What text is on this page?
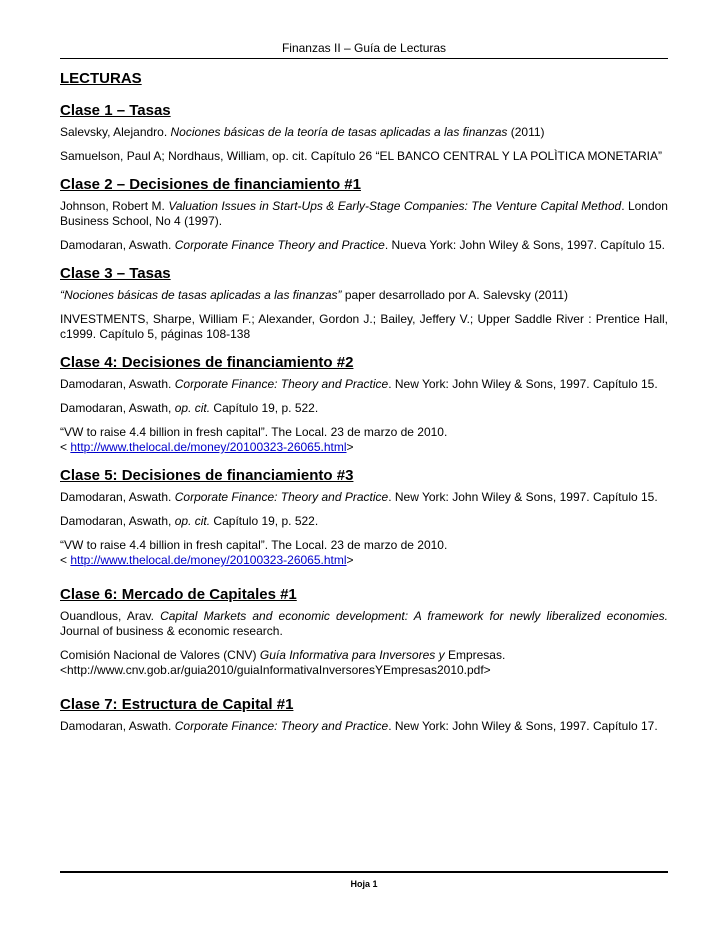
Finanzas II – Guía de Lecturas
LECTURAS
Clase 1 – Tasas

Salevsky, Alejandro. Nociones básicas de la teoría de tasas aplicadas a las finanzas (2011)

Samuelson, Paul A; Nordhaus, William, op. cit. Capítulo 26 “EL BANCO CENTRAL Y LA POLÌTICA MONETARIA”

Clase 2 – Decisiones de financiamiento #1

Johnson, Robert M. Valuation Issues in Start-Ups & Early-Stage Companies: The Venture Capital Method. London Business School, No 4 (1997).

Damodaran, Aswath. Corporate Finance Theory and Practice. Nueva York: John Wiley & Sons, 1997. Capítulo 15.

Clase 3 – Tasas

“Nociones básicas de tasas aplicadas a las finanzas” paper desarrollado por A. Salevsky (2011)

INVESTMENTS, Sharpe, William F.; Alexander, Gordon J.; Bailey, Jeffery V.; Upper Saddle River : Prentice Hall, c1999. Capítulo 5, páginas 108-138

Clase 4: Decisiones de financiamiento #2

Damodaran, Aswath. Corporate Finance: Theory and Practice. New York: John Wiley & Sons, 1997. Capítulo 15.

Damodaran, Aswath, op. cit. Capítulo 19, p. 522.

“VW to raise 4.4 billion in fresh capital”. The Local. 23 de marzo de 2010.
< http://www.thelocal.de/money/20100323-26065.html>

Clase 5: Decisiones de financiamiento #3

Damodaran, Aswath. Corporate Finance: Theory and Practice. New York: John Wiley & Sons, 1997. Capítulo 15.

Damodaran, Aswath, op. cit. Capítulo 19, p. 522.

“VW to raise 4.4 billion in fresh capital”. The Local. 23 de marzo de 2010.
< http://www.thelocal.de/money/20100323-26065.html>

Clase 6: Mercado de Capitales #1

Ouandlous, Arav. Capital Markets and economic development: A framework for newly liberalized economies. Journal of business & economic research.

Comisión Nacional de Valores (CNV) Guía Informativa para Inversores y Empresas.
<http://www.cnv.gob.ar/guia2010/guiaInformativaInversoresYEmpresas2010.pdf>

Clase 7: Estructura de Capital #1

Damodaran, Aswath. Corporate Finance: Theory and Practice. New York: John Wiley & Sons, 1997. Capítulo 17.

Hoja 1
